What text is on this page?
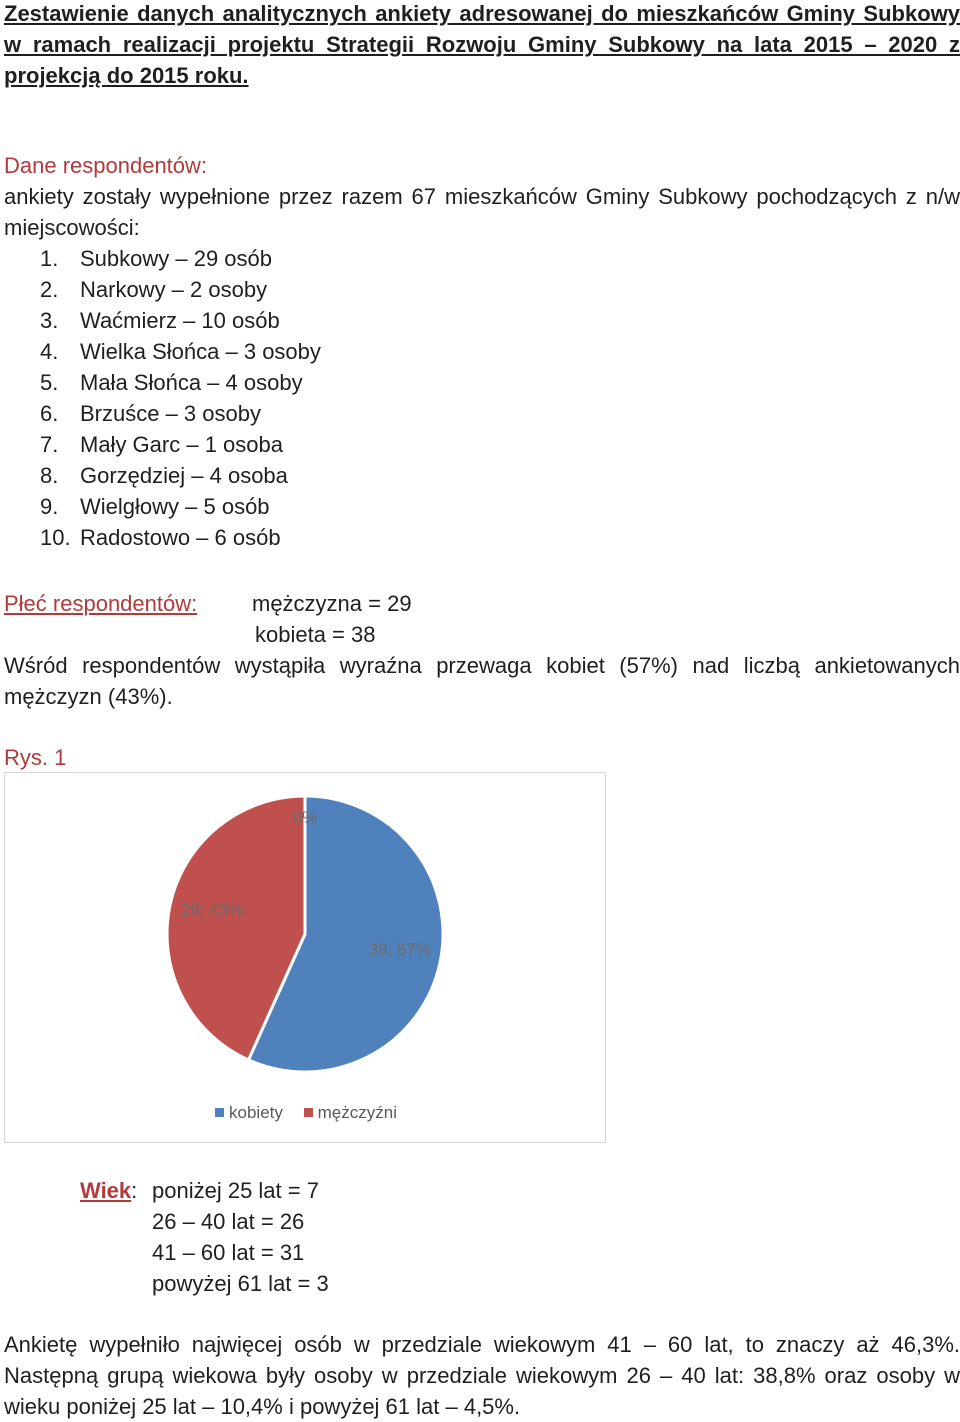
Zestawienie danych analitycznych ankiety adresowanej do mieszkańców Gminy Subkowy w ramach realizacji projektu Strategii Rozwoju Gminy Subkowy na lata 2015 – 2020 z projekcją do 2015 roku.
Dane respondentów:
ankiety zostały wypełnione przez razem 67 mieszkańców Gminy Subkowy pochodzących z n/w miejscowości:
1. Subkowy – 29 osób
2. Narkowy – 2 osoby
3. Waćmierz – 10 osób
4. Wielka Słońca – 3 osoby
5. Mała Słońca – 4 osoby
6. Brzuśce – 3 osoby
7. Mały Garc – 1 osoba
8. Gorzędziej – 4 osoba
9. Wielgłowy – 5 osób
10. Radostowo – 6 osób
Płeć respondentów: mężczyzna = 29
kobieta = 38
Wśród respondentów wystąpiła wyraźna przewaga kobiet (57%) nad liczbą ankietowanych mężczyzn (43%).
Rys. 1
38; 57%
29; 43%
0%
kobiety mężczyźni
Wiek: poniżej 25 lat = 7
26 – 40 lat = 26
41 – 60 lat = 31
powyżej 61 lat = 3
Ankietę wypełniło najwięcej osób w przedziale wiekowym 41 – 60 lat, to znaczy aż 46,3%. Następną grupą wiekowa były osoby w przedziale wiekowym 26 – 40 lat: 38,8% oraz osoby w wieku poniżej 25 lat – 10,4% i powyżej 61 lat – 4,5%.
